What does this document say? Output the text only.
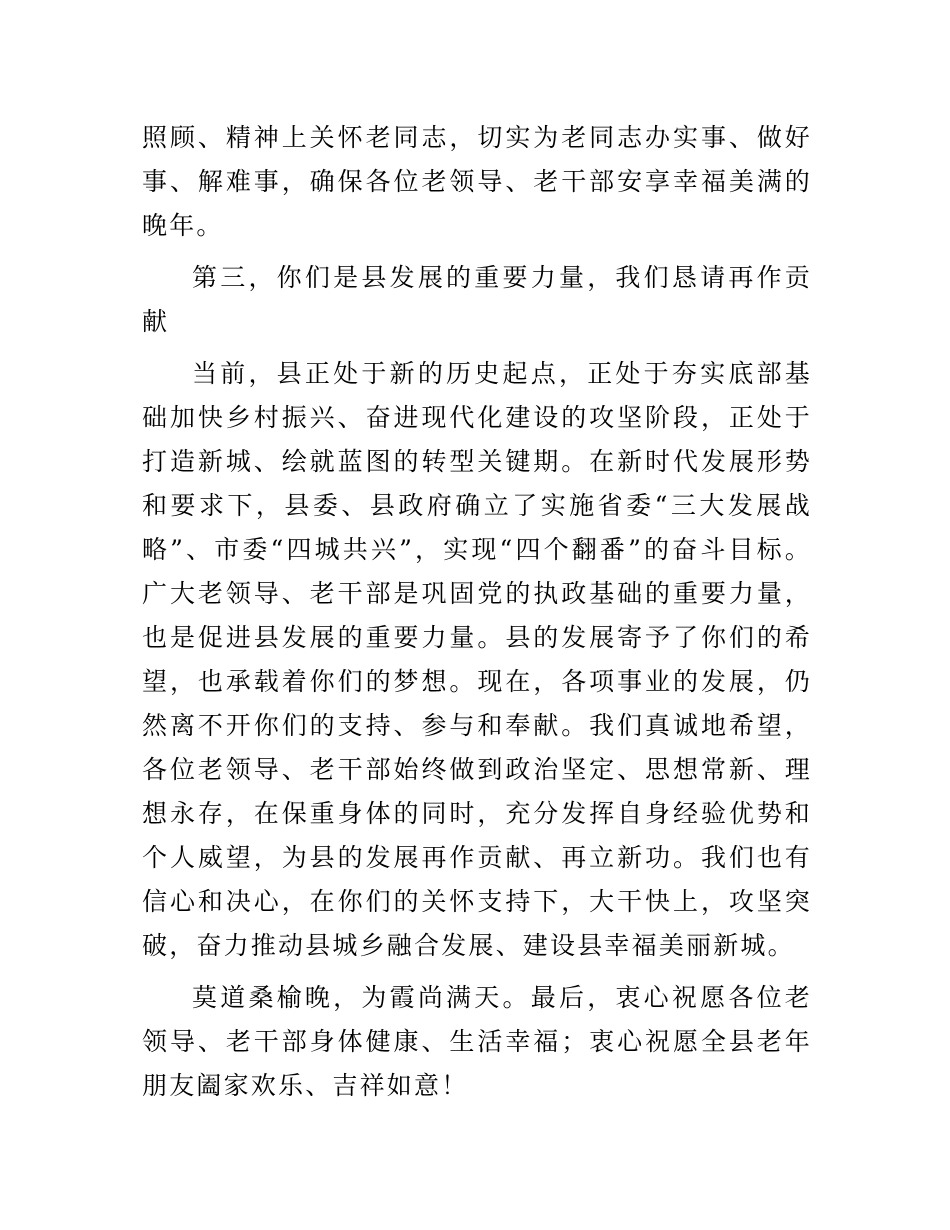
照顾、精神上关怀老同志，切实为老同志办实事、做好事、解难事，确保各位老领导、老干部安享幸福美满的晚年。

第三，你们是县发展的重要力量，我们恳请再作贡献

当前，县正处于新的历史起点，正处于夯实底部基础加快乡村振兴、奋进现代化建设的攻坚阶段，正处于打造新城、绘就蓝图的转型关键期。在新时代发展形势和要求下，县委、县政府确立了实施省委“三大发展战略”、市委“四城共兴”，实现“四个翻番”的奋斗目标。广大老领导、老干部是巩固党的执政基础的重要力量，也是促进县发展的重要力量。县的发展寄予了你们的希望，也承载着你们的梦想。现在，各项事业的发展，仍然离不开你们的支持、参与和奉献。我们真诚地希望，各位老领导、老干部始终做到政治坚定、思想常新、理想永存，在保重身体的同时，充分发挥自身经验优势和个人威望，为县的发展再作贡献、再立新功。我们也有信心和决心，在你们的关怀支持下，大干快上，攻坚突破，奋力推动县城乡融合发展、建设县幸福美丽新城。

莫道桑榆晚，为霞尚满天。最后，衷心祝愿各位老领导、老干部身体健康、生活幸福；衷心祝愿全县老年朋友阖家欢乐、吉祥如意！
